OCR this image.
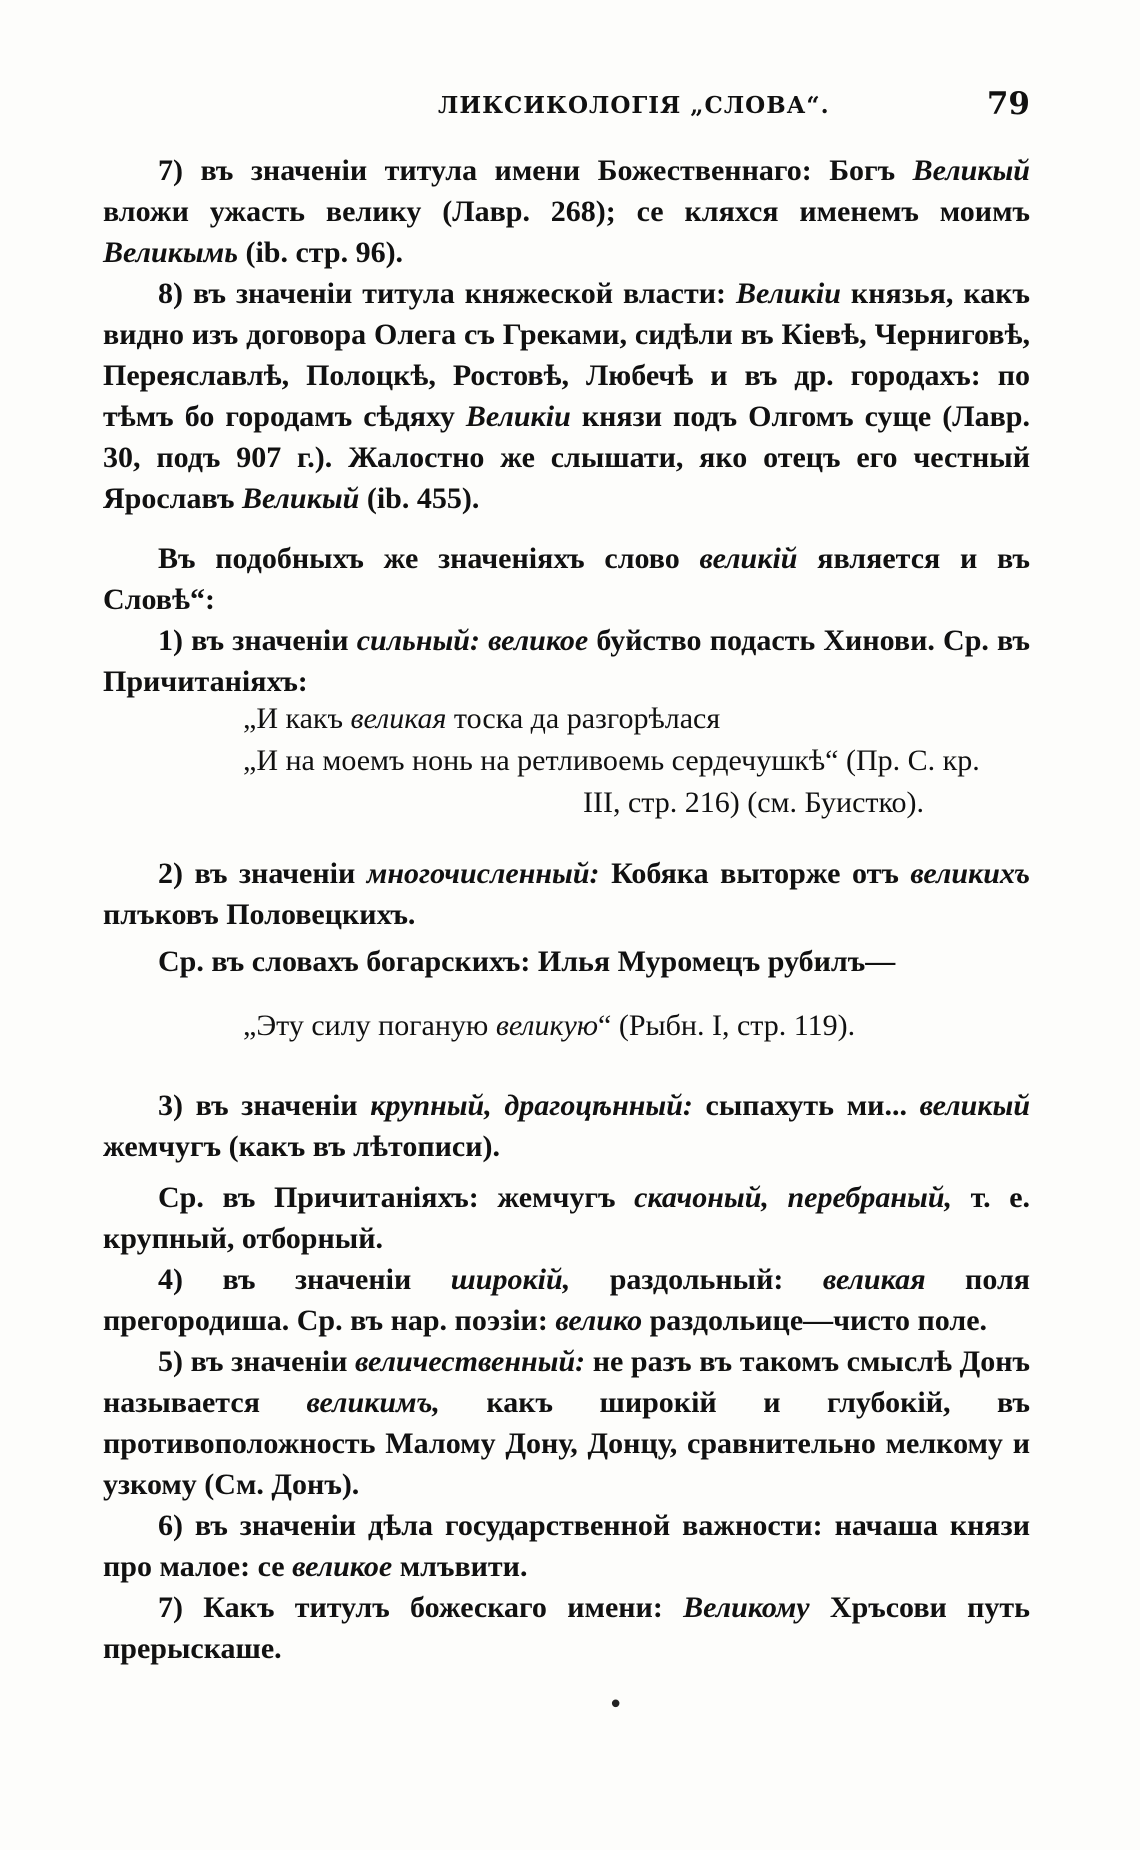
ЛИКСИКОЛОГІЯ „СЛОВА“.	79

7) въ значеніи титула имени Божественнаго: Богъ Великый вложи ужасть велику (Лавр. 268); се кляхся именемъ моимъ Великымь (ib. стр. 96).

8) въ значеніи титула княжеской власти: Великіи князья, какъ видно изъ договора Олега съ Греками, сидѣли въ Кіевѣ, Черниговѣ, Переяславлѣ, Полоцкѣ, Ростовѣ, Любечѣ и въ др. городахъ: по тѣмъ бо городамъ сѣдяху Великіи князи подъ Олгомъ суще (Лавр. 30, подъ 907 г.). Жалостно же слышати, яко отецъ его честный Ярославъ Великый (ib. 455).

Въ подобныхъ же значеніяхъ слово великій является и въ Словѣ“:

1) въ значеніи сильный: великое буйство подасть Хинови. Ср. въ Причитаніяхъ:

„И какъ великая тоска да разгорѣлася
„И на моемъ нонь на ретливоемь сердечушкѣ“ (Пр. С. кр.
III, стр. 216) (см. Буистко).

2) въ значеніи многочисленный: Кобяка выторже отъ великихъ плъковъ Половецкихъ.

Ср. въ словахъ богарскихъ: Илья Муромецъ рубилъ—

„Эту силу поганую великую“ (Рыбн. I, стр. 119).

3) въ значеніи крупный, драгоцѣнный: сыпахуть ми... великый жемчугъ (какъ въ лѣтописи).

Ср. въ Причитаніяхъ: жемчугъ скачоный, перебраный, т. е. крупный, отборный.

4) въ значеніи широкій, раздольный: великая поля прегородиша. Ср. въ нар. поэзіи: велико раздольице—чисто поле.

5) въ значеніи величественный: не разъ въ такомъ смыслѣ Донъ называется великимъ, какъ широкій и глубокій, въ противоположность Малому Дону, Донцу, сравнительно мелкому и узкому (См. Донъ).

6) въ значеніи дѣла государственной важности: начаша князи про малое: се великое млъвити.

7) Какъ титулъ божескаго имени: Великому Хръсови путь прерыскаше.

•
